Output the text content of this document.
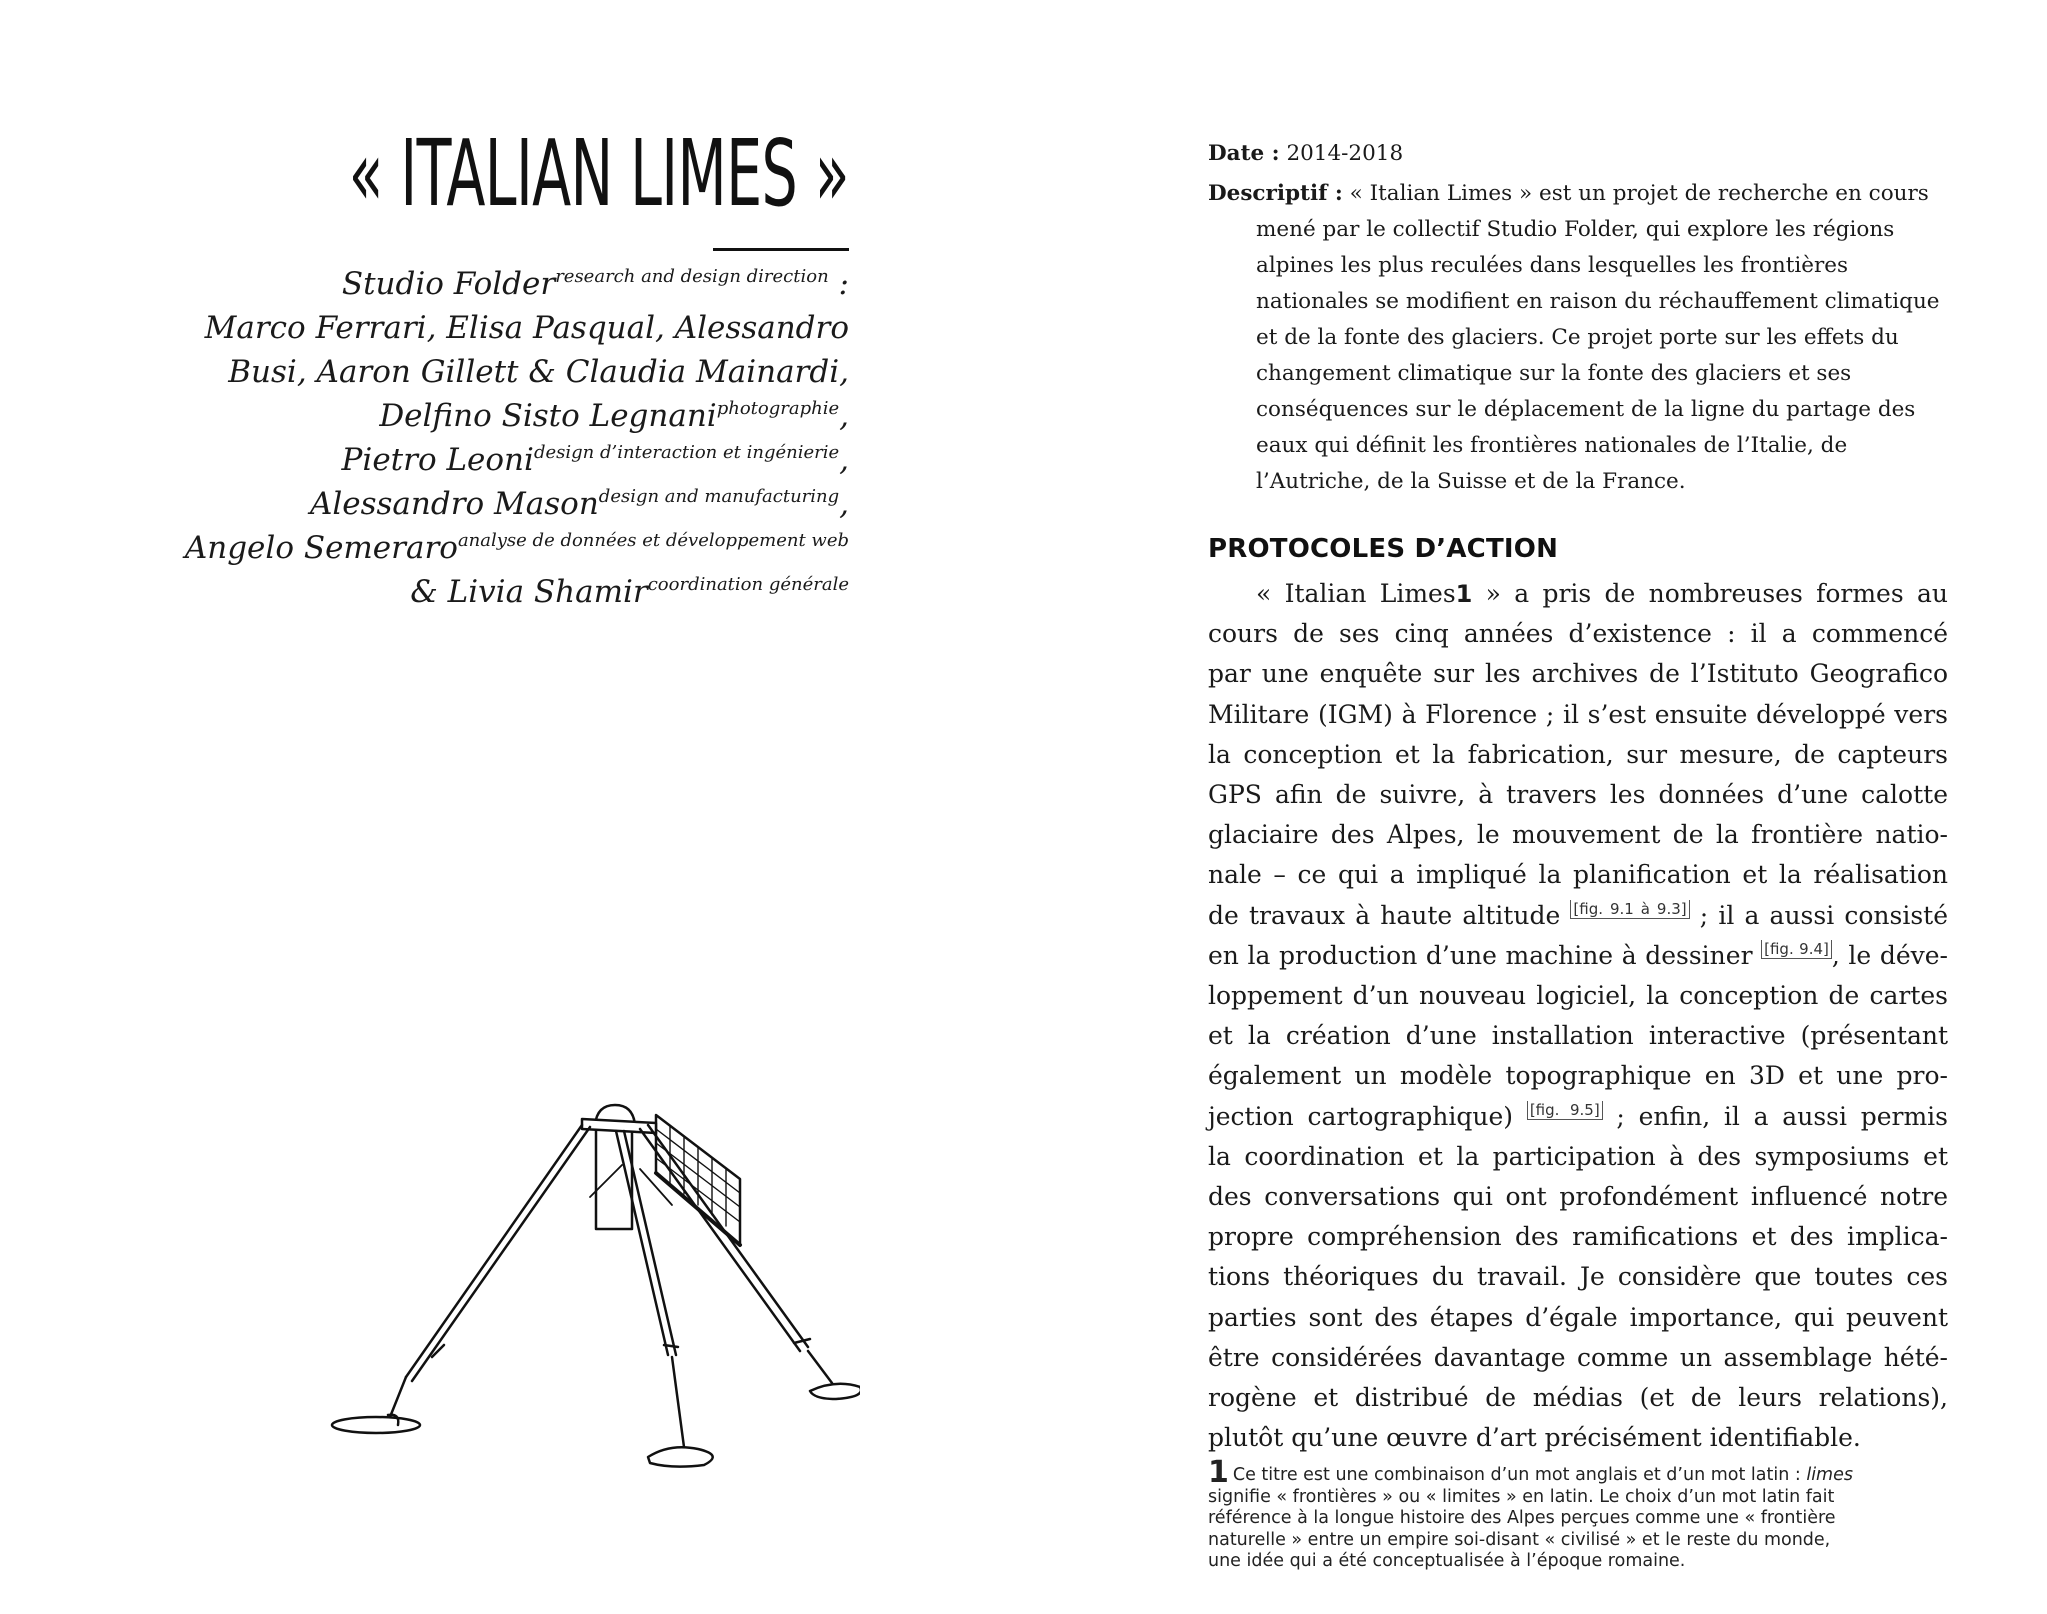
« ITALIAN LIMES »
Studio Folder$^{research and design direction}$ :
Marco Ferrari, Elisa Pasqual, Alessandro
Busi, Aaron Gillett & Claudia Mainardi,
Delfino Sisto Legnani$^{photographie}$,
Pietro Leoni$^{design d’interaction et ingénierie}$,
Alessandro Mason$^{design and manufacturing}$,
Angelo Semeraro$^{analyse de données et développement web}$
& Livia Shamir$^{coordination générale}$
Date : 2014-2018
Descriptif : « Italian Limes » est un projet de recherche en cours mené par le collectif Studio Folder, qui explore les régions alpines les plus reculées dans lesquelles les frontières nationales se modifient en raison du réchauffement climatique et de la fonte des glaciers. Ce projet porte sur les effets du changement climatique sur la fonte des glaciers et ses conséquences sur le déplacement de la ligne du partage des eaux qui définit les frontières nationales de l’Italie, de l’Autriche, de la Suisse et de la France.
PROTOCOLES D’ACTION
« Italian Limes1 » a pris de nombreuses formes au
cours de ses cinq années d’existence : il a commencé
par une enquête sur les archives de l’Istituto Geografico
Militare (IGM) à Florence ; il s’est ensuite développé vers
la conception et la fabrication, sur mesure, de capteurs
GPS afin de suivre, à travers les données d’une calotte
glaciaire des Alpes, le mouvement de la frontière natio-
nale – ce qui a impliqué la planification et la réalisation
de travaux à haute altitude [fig. 9.1 à 9.3] ; il a aussi consisté
en la production d’une machine à dessiner [fig. 9.4] , le déve-
loppement d’un nouveau logiciel, la conception de cartes
et la création d’une installation interactive (présentant
également un modèle topographique en 3D et une pro-
jection cartographique) [fig. 9.5] ; enfin, il a aussi permis
la coordination et la participation à des symposiums et
des conversations qui ont profondément influencé notre
propre compréhension des ramifications et des implica-
tions théoriques du travail. Je considère que toutes ces
parties sont des étapes d’égale importance, qui peuvent
être considérées davantage comme un assemblage hété-
rogène et distribué de médias (et de leurs relations),
plutôt qu’une œuvre d’art précisément identifiable.
1 Ce titre est une combinaison d’un mot anglais et d’un mot latin : limes
signifie « frontières » ou « limites » en latin. Le choix d’un mot latin fait
référence à la longue histoire des Alpes perçues comme une « frontière
naturelle » entre un empire soi-disant « civilisé » et le reste du monde,
une idée qui a été conceptualisée à l’époque romaine.
